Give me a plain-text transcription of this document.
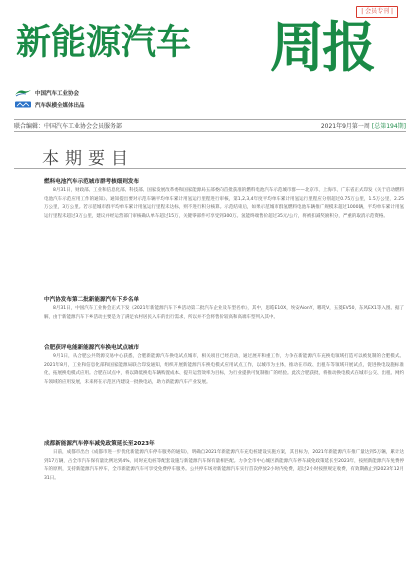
| 会员专刊 |
新能源汽车 周报
中国汽车工业协会
汽车纵横全媒体出品
联合编辑：中国汽车工业协会会员服务部	2021年9月第一周 [总第194期]
本期要目
燃料电池汽车示范城市群考核细则发布
8月31日，财政部、工业和信息化部、科技部、国家发展改革委和国家能源局五部委向首批获准的燃料电池汽车示范城市群——北京市、上海市、广东省正式印发《关于启动燃料电池汽车示范应用工作的通知》。通知提出要对示范车辆平均单车累计用氢运行里程进行审核，第1,2,3,4年度平均单车累计用氢运行里程应分别超过0.75万公里，1.5万公里，2.25万公里，3万公里。若示范城市群平均单车累计用氢运行里程未达标，则不进行积分核算。示范结束后，如果示范城市群氢燃料电池车辆推广规模未超过1000辆，平均单车累计用氢运行里程未超过3万公里，建议并经运营部门审核确认单车超过15万，关键零部件可享受到300万。氢能终端售价超过35元/公斤，将被扣减奖励积分，严重的取消示范资格。
中汽协发布第二批新能源汽车下乡名单
8月31日，中国汽车工业协会正式下发《2021年新能源汽车下乡活动第二批汽车企业及车型名单》，其中，思皓E10X，埃安AionY，哪吒V，五菱EV50，东风EX1等入围。据了解，由于新能源汽车下乡活动主要是为了满足农村居民入车的出行需求，所以并不会将售价较高和高端车型列入其中。
合肥获评电能新能源汽车换电试点城市
9月1日，从合肥公共资源交易中心获悉，合肥新能源汽车换电试点城市，相关项目已经启动，通过展开和重工作，力争在新能源汽车充换电领域打造可以被复制的合肥模式。2021年8月，工业和信息化部和国家能源局联合印发通知，组织开展新能源汽车换电模式应用试点工作，以城市为主体，推动在市政、出租车等领域开展试点，促进换电设施标准化，拓展换电模式应用。合肥在试点中，将以降低换电车辆购置成本、提升运营效率为目标，为行业提供可复制推广的经验。此次合肥获批，将推动换电模式在城市公交、出租、网约车领域的应用发展，未来将在示范区内建设一批换电站，助力新能源汽车产业发展。
成都新能源汽车停车减免政策延长至2023年
日前，成都市出台《成都市进一步优化新能源汽车停车服务的通知》，明确自2021年新能源汽车充电桩建设实施方案，其目标为，2021年新能源汽车推广量达到5万辆，累计达到17万辆，占全市汽车保有量比例达到4%，同时充电桩等配套设施与新能源汽车保有量相匹配。力争全市中心城区新能源汽车停车减免政策延长至2023年，按照新能源汽车免费停车的原则，支持新能源汽车停车，全市新能源汽车可享受免费停车服务。公共停车场对新能源汽车实行首次停放2小时内免费，超过2小时按照规定收费，有效期截止到2023年12月31日。
